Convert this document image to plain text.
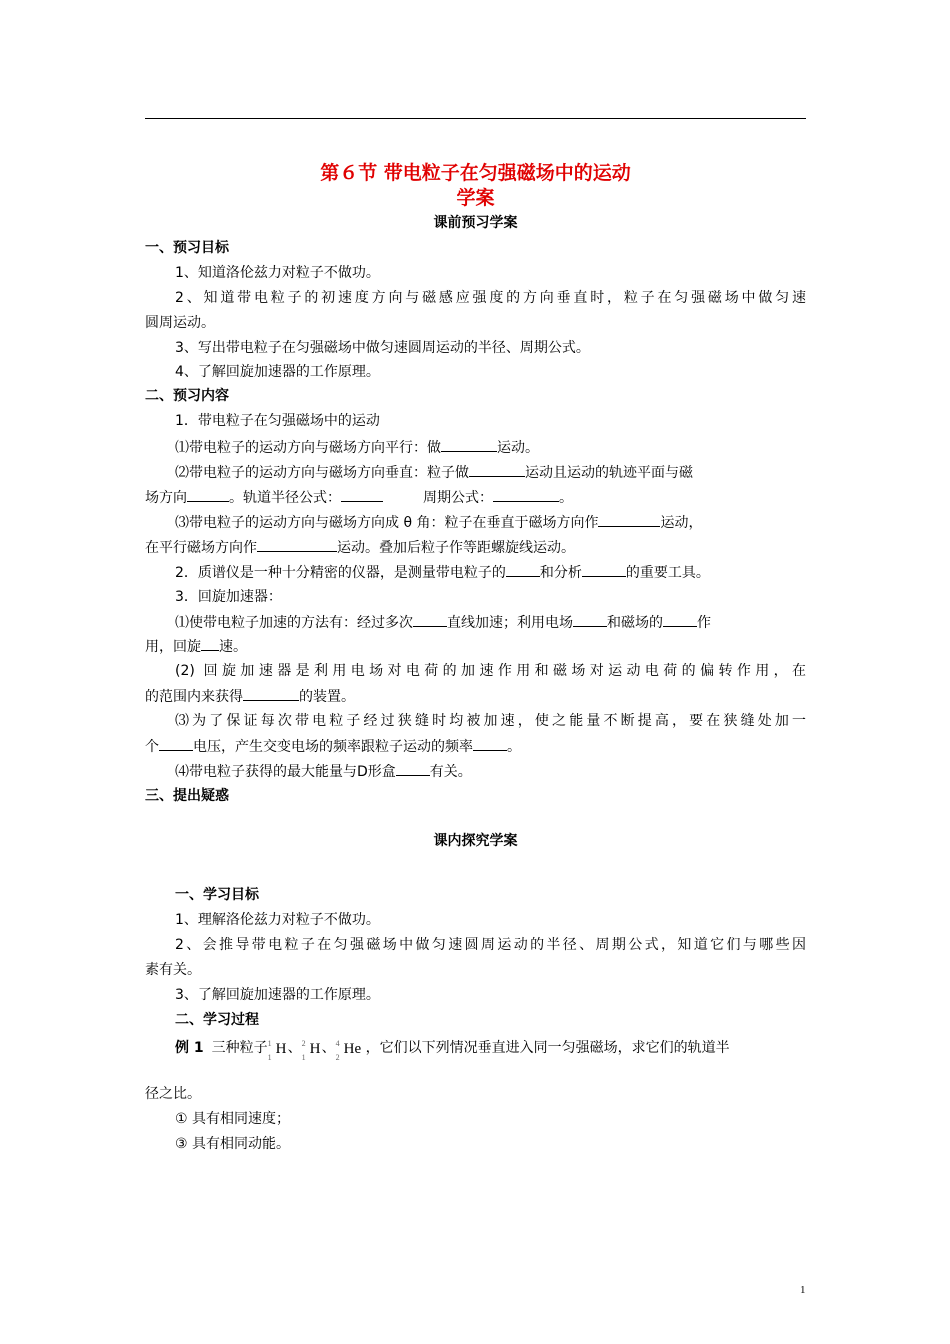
第６节 带电粒子在匀强磁场中的运动
学案
课前预习学案
一、预习目标
1、知道洛伦兹力对粒子不做功。
2、知道带电粒子的初速度方向与磁感应强度的方向垂直时，粒子在匀强磁场中做匀速
圆周运动。
3、写出带电粒子在匀强磁场中做匀速圆周运动的半径、周期公式。
4、了解回旋加速器的工作原理。
二、预习内容
1．带电粒子在匀强磁场中的运动
⑴带电粒子的运动方向与磁场方向平行：做	运动。
⑵带电粒子的运动方向与磁场方向垂直：粒子做	运动且运动的轨迹平面与磁
场方向	。轨道半径公式：	周期公式：	。
⑶带电粒子的运动方向与磁场方向成 θ 角：粒子在垂直于磁场方向作	运动，
在平行磁场方向作	运动。叠加后粒子作等距螺旋线运动。
2．质谱仪是一种十分精密的仪器，是测量带电粒子的 和分析	的重要工具。
3．回旋加速器：
⑴使带电粒子加速的方法有：经过多次 直线加速；利用电场 和磁场的 作
用，回旋 速。
(2) 回旋加速器是利用电场对电荷的加速作用和磁场对运动电荷的偏转作用，在
的范围内来获得	的装置。
⑶为了保证每次带电粒子经过狭缝时均被加速，使之能量不断提高，要在狭缝处加一
个 电压，产生交变电场的频率跟粒子运动的频率 。
⑷带电粒子获得的最大能量与D形盒 有关。
三、提出疑惑
课内探究学案
一、学习目标
1、理解洛伦兹力对粒子不做功。
2、会推导带电粒子在匀强磁场中做匀速圆周运动的半径、周期公式，知道它们与哪些因
素有关。
3、了解回旋加速器的工作原理。
二、学习过程
例 1 三种粒子 1
1
H 、 2
1
H 、 4
2
He ，它们以下列情况垂直进入同一匀强磁场，求它们的轨道半
径之比。
① 具有相同速度；
③ 具有相同动能。
1
